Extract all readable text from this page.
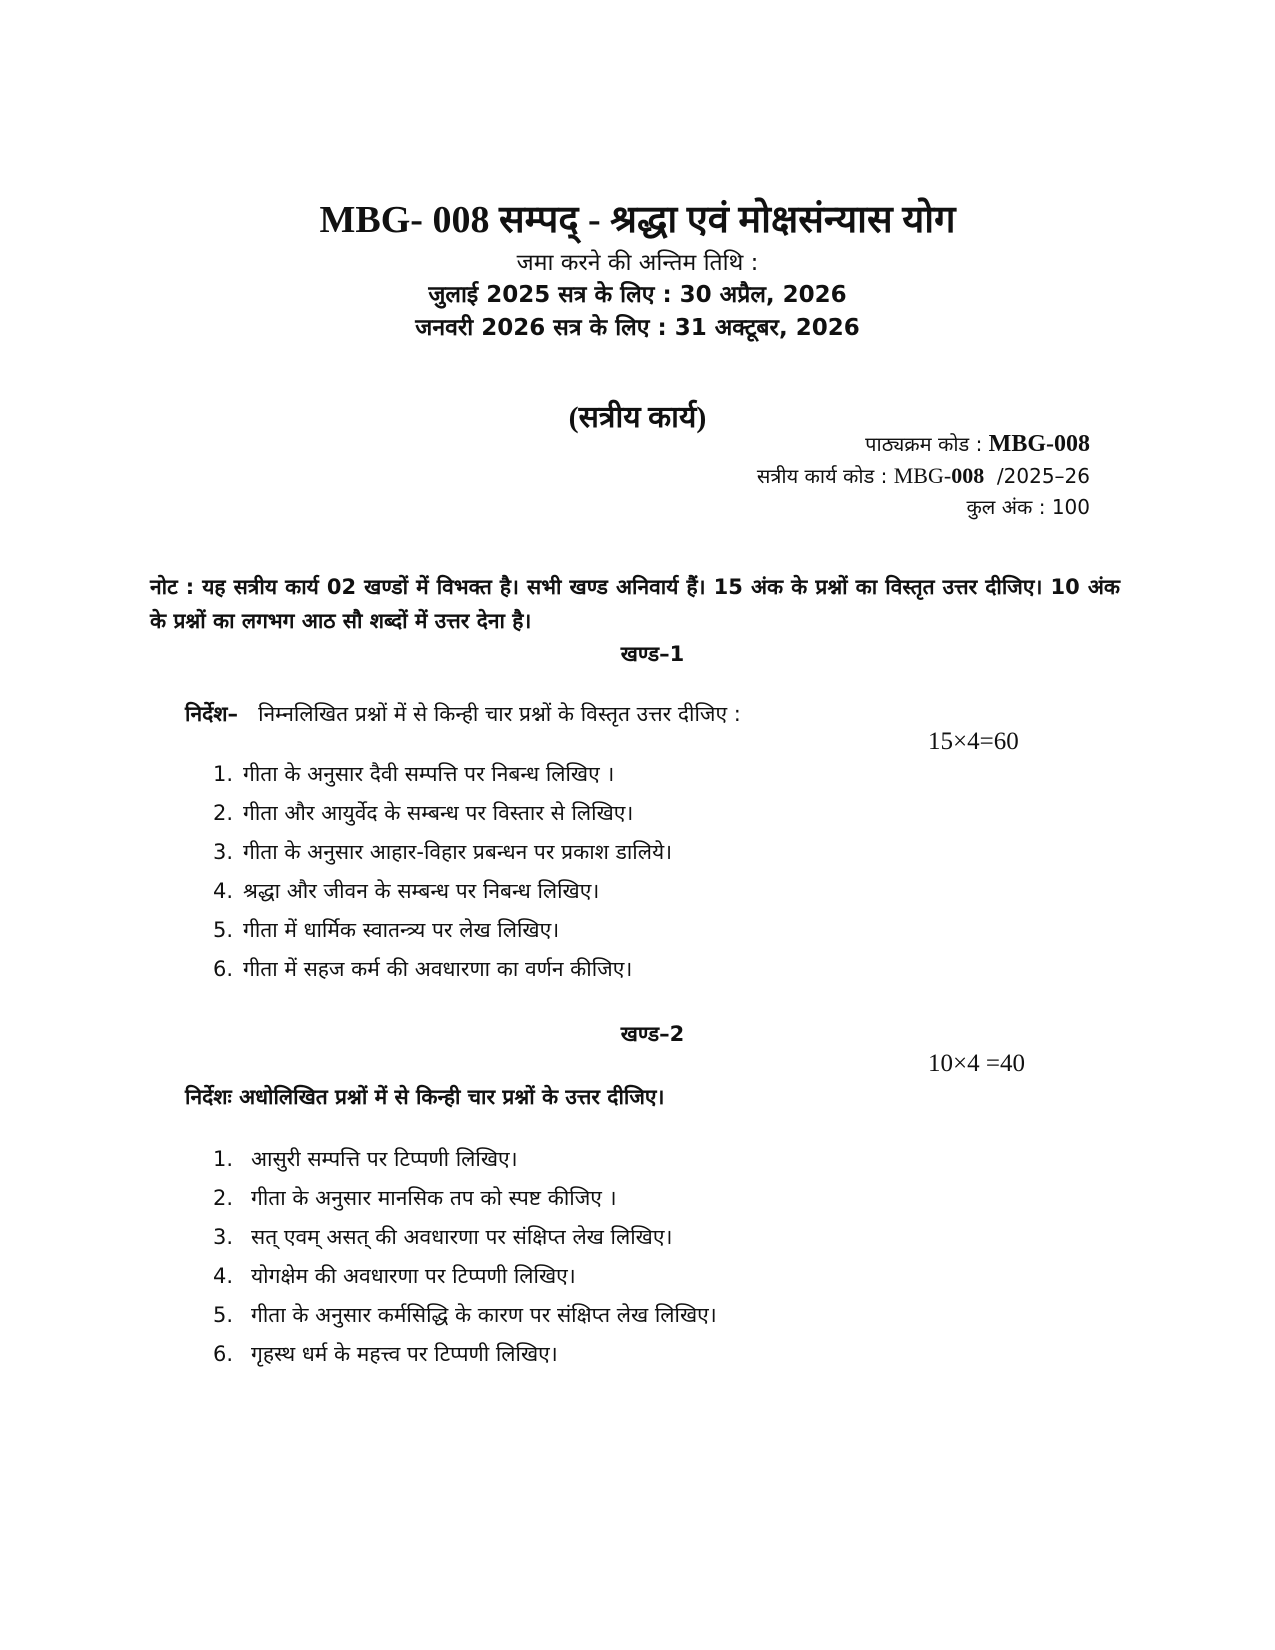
MBG- 008 सम्पद् - श्रद्धा एवं मोक्षसंन्यास योग
जमा करने की अन्तिम तिथि :
जुलाई 2025 सत्र के लिए : 30 अप्रैल, 2026
जनवरी 2026 सत्र के लिए : 31 अक्टूबर, 2026
(सत्रीय कार्य)
पाठ्यक्रम कोड : MBG-008
सत्रीय कार्य कोड : MBG-008 /2025–26
कुल अंक : 100
नोट : यह सत्रीय कार्य 02 खण्डों में विभक्त है। सभी खण्ड अनिवार्य हैं। 15 अंक के प्रश्नों का विस्तृत उत्तर दीजिए। 10 अंक के प्रश्नों का लगभग आठ सौ शब्दों में उत्तर देना है।
खण्ड–1
निर्देश– निम्नलिखित प्रश्नों में से किन्ही चार प्रश्नों के विस्तृत उत्तर दीजिए :
15×4=60
1. गीता के अनुसार दैवी सम्पत्ति पर निबन्ध लिखिए ।
2. गीता और आयुर्वेद के सम्बन्ध पर विस्तार से लिखिए।
3. गीता के अनुसार आहार-विहार प्रबन्धन पर प्रकाश डालिये।
4. श्रद्धा और जीवन के सम्बन्ध पर निबन्ध लिखिए।
5. गीता में धार्मिक स्वातन्त्र्य पर लेख लिखिए।
6. गीता में सहज कर्म की अवधारणा का वर्णन कीजिए।
खण्ड–2
10×4 =40
निर्देशः अधोलिखित प्रश्नों में से किन्ही चार प्रश्नों के उत्तर दीजिए।
1. आसुरी सम्पत्ति पर टिप्पणी लिखिए।
2. गीता के अनुसार मानसिक तप को स्पष्ट कीजिए ।
3. सत् एवम् असत् की अवधारणा पर संक्षिप्त लेख लिखिए।
4. योगक्षेम की अवधारणा पर टिप्पणी लिखिए।
5. गीता के अनुसार कर्मसिद्धि के कारण पर संक्षिप्त लेख लिखिए।
6. गृहस्थ धर्म के महत्त्व पर टिप्पणी लिखिए।
